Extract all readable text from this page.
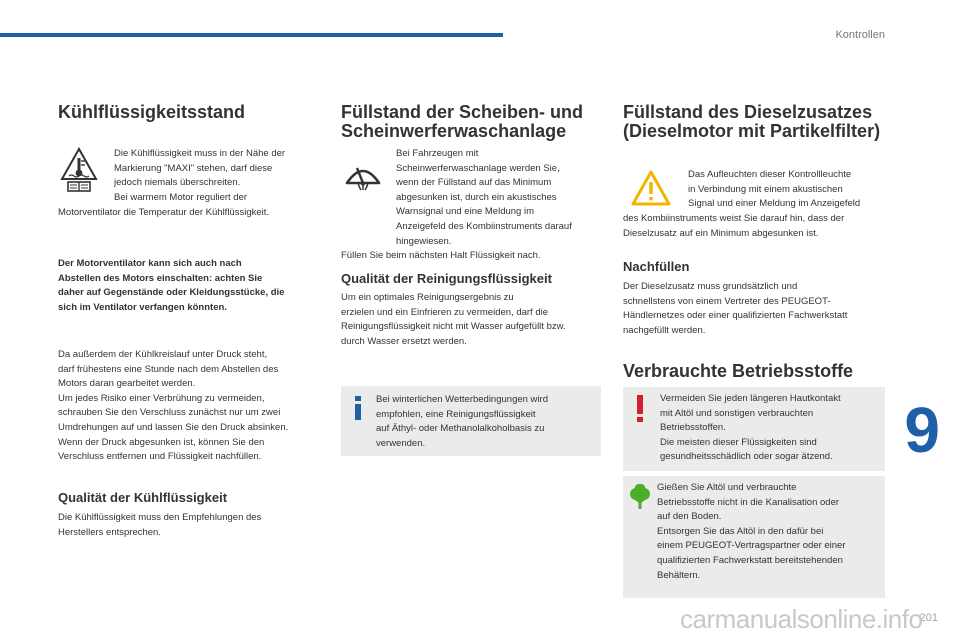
Kontrollen
9
201
carmanualsonline.info
Kühlflüssigkeitsstand

Die Kühlflüssigkeit muss in der Nähe der
Markierung "MAXI" stehen, darf diese
jedoch niemals überschreiten.
Bei warmem Motor reguliert der

Motorventilator die Temperatur der Kühlflüssigkeit.

Der Motorventilator kann sich auch nach
Abstellen des Motors einschalten: achten Sie
daher auf Gegenstände oder Kleidungsstücke, die
sich im Ventilator verfangen könnten.

Da außerdem der Kühlkreislauf unter Druck steht,
darf frühestens eine Stunde nach dem Abstellen des
Motors daran gearbeitet werden.
Um jedes Risiko einer Verbrühung zu vermeiden,
schrauben Sie den Verschluss zunächst nur um zwei
Umdrehungen auf und lassen Sie den Druck absinken.
Wenn der Druck abgesunken ist, können Sie den
Verschluss entfernen und Flüssigkeit nachfüllen.

Qualität der Kühlflüssigkeit

Die Kühlflüssigkeit muss den Empfehlungen des
Herstellers entsprechen.

Füllstand der Scheiben- und
Scheinwerferwaschanlage

Bei Fahrzeugen mit
Scheinwerferwaschanlage werden Sie,
wenn der Füllstand auf das Minimum
abgesunken ist, durch ein akustisches
Warnsignal und eine Meldung im
Anzeigefeld des Kombiinstruments darauf
hingewiesen.

Füllen Sie beim nächsten Halt Flüssigkeit nach.

Qualität der Reinigungsflüssigkeit

Um ein optimales Reinigungsergebnis zu
erzielen und ein Einfrieren zu vermeiden, darf die
Reinigungsflüssigkeit nicht mit Wasser aufgefüllt bzw.
durch Wasser ersetzt werden.

Bei winterlichen Wetterbedingungen wird
empfohlen, eine Reinigungsflüssigkeit
auf Äthyl- oder Methanolalkoholbasis zu
verwenden.

Füllstand des Dieselzusatzes
(Dieselmotor mit Partikelfilter)

Das Aufleuchten dieser Kontrollleuchte
in Verbindung mit einem akustischen
Signal und einer Meldung im Anzeigefeld

des Kombiinstruments weist Sie darauf hin, dass der
Dieselzusatz auf ein Minimum abgesunken ist.

Nachfüllen

Der Dieselzusatz muss grundsätzlich und
schnellstens von einem Vertreter des PEUGEOT-
Händlernetzes oder einer qualifizierten Fachwerkstatt
nachgefüllt werden.

Verbrauchte Betriebsstoffe

Vermeiden Sie jeden längeren Hautkontakt
mit Altöl und sonstigen verbrauchten
Betriebsstoffen.
Die meisten dieser Flüssigkeiten sind
gesundheitsschädlich oder sogar ätzend.

Gießen Sie Altöl und verbrauchte
Betriebsstoffe nicht in die Kanalisation oder
auf den Boden.
Entsorgen Sie das Altöl in den dafür bei
einem PEUGEOT-Vertragspartner oder einer
qualifizierten Fachwerkstatt bereitstehenden
Behältern.
